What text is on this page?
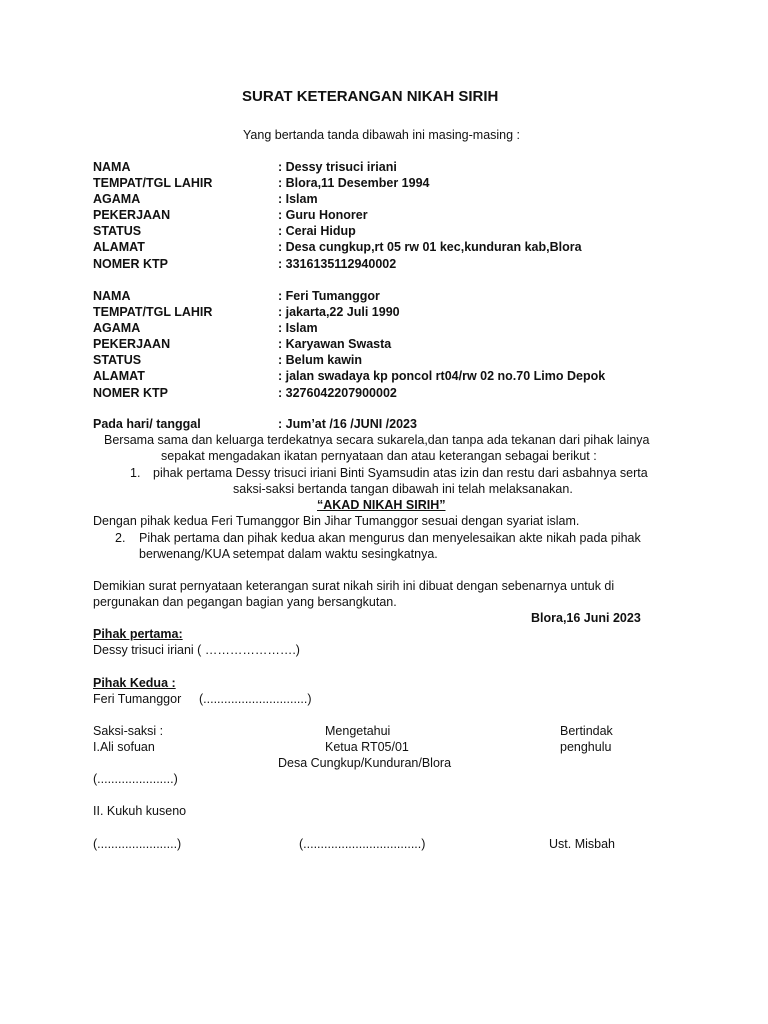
SURAT KETERANGAN NIKAH SIRIH
Yang bertanda tanda dibawah ini masing-masing :
NAMA	: Dessy trisuci iriani
TEMPAT/TGL LAHIR	: Blora,11 Desember 1994
AGAMA	: Islam
PEKERJAAN	: Guru Honorer
STATUS	: Cerai Hidup
ALAMAT	: Desa cungkup,rt 05 rw 01 kec,kunduran kab,Blora
NOMER KTP	: 3316135112940002
NAMA	: Feri Tumanggor
TEMPAT/TGL LAHIR	: jakarta,22 Juli 1990
AGAMA	: Islam
PEKERJAAN	: Karyawan Swasta
STATUS	: Belum kawin
ALAMAT	: jalan swadaya kp poncol rt04/rw 02 no.70 Limo Depok
NOMER KTP	: 3276042207900002
Pada hari/ tanggal	: Jum’at /16 /JUNI /2023
Bersama sama dan keluarga terdekatnya secara sukarela,dan tanpa ada tekanan dari pihak lainya
sepakat mengadakan ikatan pernyataan dan atau keterangan sebagai berikut :
1. pihak pertama Dessy trisuci iriani Binti Syamsudin atas izin dan restu dari asbahnya serta
saksi-saksi bertanda tangan dibawah ini telah melaksanakan.
“AKAD NIKAH SIRIH”
Dengan pihak kedua Feri Tumanggor Bin Jihar Tumanggor sesuai dengan syariat islam.
2. Pihak pertama dan pihak kedua akan mengurus dan menyelesaikan akte nikah pada pihak
berwenang/KUA setempat dalam waktu sesingkatnya.
Demikian surat pernyataan keterangan surat nikah sirih ini dibuat dengan sebenarnya untuk di
pergunakan dan pegangan bagian yang bersangkutan.
Blora,16 Juni 2023
Pihak pertama:
Dessy trisuci iriani ( ………………….)
Pihak Kedua :
Feri Tumanggor (..............................)
Saksi-saksi :	Mengetahui	Bertindak
I.Ali sofuan	Ketua RT05/01	penghulu
Desa Cungkup/Kunduran/Blora
(......................)
II. Kukuh kuseno
(.......................)	(..................................)	Ust. Misbah
